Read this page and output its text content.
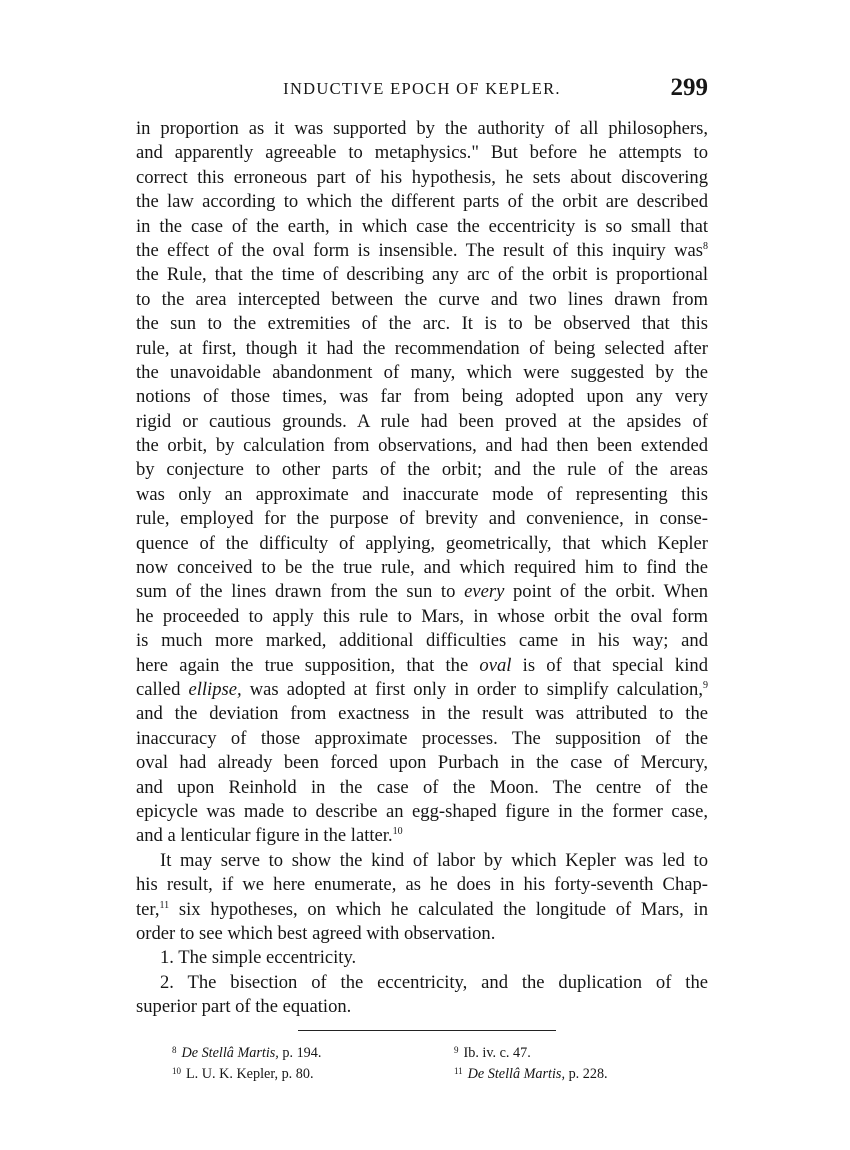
INDUCTIVE EPOCH OF KEPLER.	299
in proportion as it was supported by the authority of all philosophers,
and apparently agreeable to metaphysics." But before he attempts to
correct this erroneous part of his hypothesis, he sets about discovering
the law according to which the different parts of the orbit are described
in the case of the earth, in which case the eccentricity is so small that
the effect of the oval form is insensible. The result of this inquiry was$^8$
the Rule, that the time of describing any arc of the orbit is proportional
to the area intercepted between the curve and two lines drawn from
the sun to the extremities of the arc. It is to be observed that this
rule, at first, though it had the recommendation of being selected after
the unavoidable abandonment of many, which were suggested by the
notions of those times, was far from being adopted upon any very
rigid or cautious grounds. A rule had been proved at the apsides of
the orbit, by calculation from observations, and had then been extended
by conjecture to other parts of the orbit; and the rule of the areas
was only an approximate and inaccurate mode of representing this
rule, employed for the purpose of brevity and convenience, in conse-
quence of the difficulty of applying, geometrically, that which Kepler
now conceived to be the true rule, and which required him to find the
sum of the lines drawn from the sun to every point of the orbit. When
he proceeded to apply this rule to Mars, in whose orbit the oval form
is much more marked, additional difficulties came in his way; and
here again the true supposition, that the oval is of that special kind
called ellipse, was adopted at first only in order to simplify calculation,$^9$
and the deviation from exactness in the result was attributed to the
inaccuracy of those approximate processes. The supposition of the
oval had already been forced upon Purbach in the case of Mercury,
and upon Reinhold in the case of the Moon. The centre of the
epicycle was made to describe an egg-shaped figure in the former case,
and a lenticular figure in the latter.$^{10}$
It may serve to show the kind of labor by which Kepler was led to
his result, if we here enumerate, as he does in his forty-seventh Chap-
ter,$^{11}$ six hypotheses, on which he calculated the longitude of Mars, in
order to see which best agreed with observation.
1. The simple eccentricity.
2. The bisection of the eccentricity, and the duplication of the
superior part of the equation.
$^8$ De Stellâ Martis, p. 194.	$^9$ Ib. iv. c. 47.
$^{10}$ L. U. K. Kepler, p. 80.	$^{11}$ De Stellâ Martis, p. 228.
